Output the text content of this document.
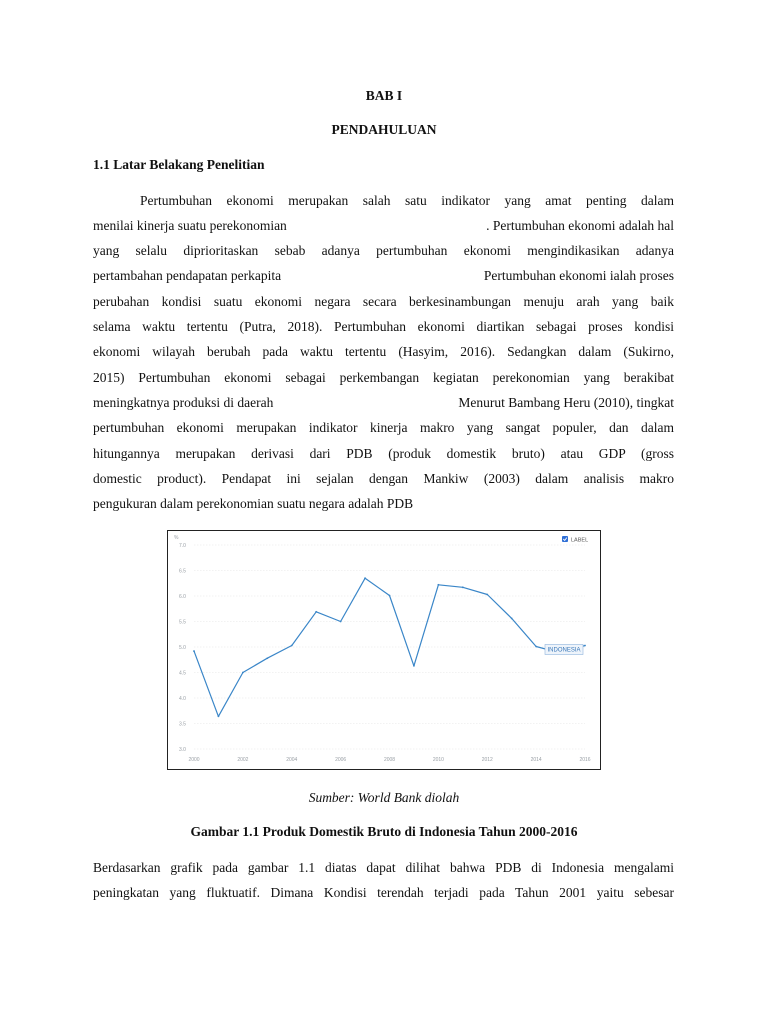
BAB I
PENDAHULUAN
1.1 Latar Belakang Penelitian
Pertumbuhan ekonomi merupakan salah satu indikator yang amat penting dalam
menilai kinerja suatu perekonomian	. Pertumbuhan ekonomi adalah hal
yang selalu diprioritaskan sebab adanya pertumbuhan ekonomi mengindikasikan adanya
pertambahan pendapatan perkapita	Pertumbuhan ekonomi ialah proses
perubahan kondisi suatu ekonomi negara secara berkesinambungan menuju arah yang baik
selama waktu tertentu (Putra, 2018). Pertumbuhan ekonomi diartikan sebagai proses kondisi
ekonomi wilayah berubah pada waktu tertentu (Hasyim, 2016). Sedangkan dalam (Sukirno,
2015) Pertumbuhan ekonomi sebagai perkembangan kegiatan perekonomian yang berakibat
meningkatnya produksi di daerah	Menurut Bambang Heru (2010), tingkat
pertumbuhan ekonomi merupakan indikator kinerja makro yang sangat populer, dan dalam
hitungannya merupakan derivasi dari PDB (produk domestik bruto) atau GDP (gross
domestic product). Pendapat ini sejalan dengan Mankiw (2003) dalam analisis makro
pengukuran dalam perekonomian suatu negara adalah PDB
%
3.0
3.5
4.0
4.5
5.0
5.5
6.0
6.5
7.0
2000	2002	2004	2006	2008	2010	2012	2014	2016
LABEL
INDONESIA
Sumber: World Bank diolah
Gambar 1.1 Produk Domestik Bruto di Indonesia Tahun 2000-2016
Berdasarkan grafik pada gambar 1.1 diatas dapat dilihat bahwa PDB di Indonesia mengalami
peningkatan yang fluktuatif. Dimana Kondisi terendah terjadi pada Tahun 2001 yaitu sebesar
